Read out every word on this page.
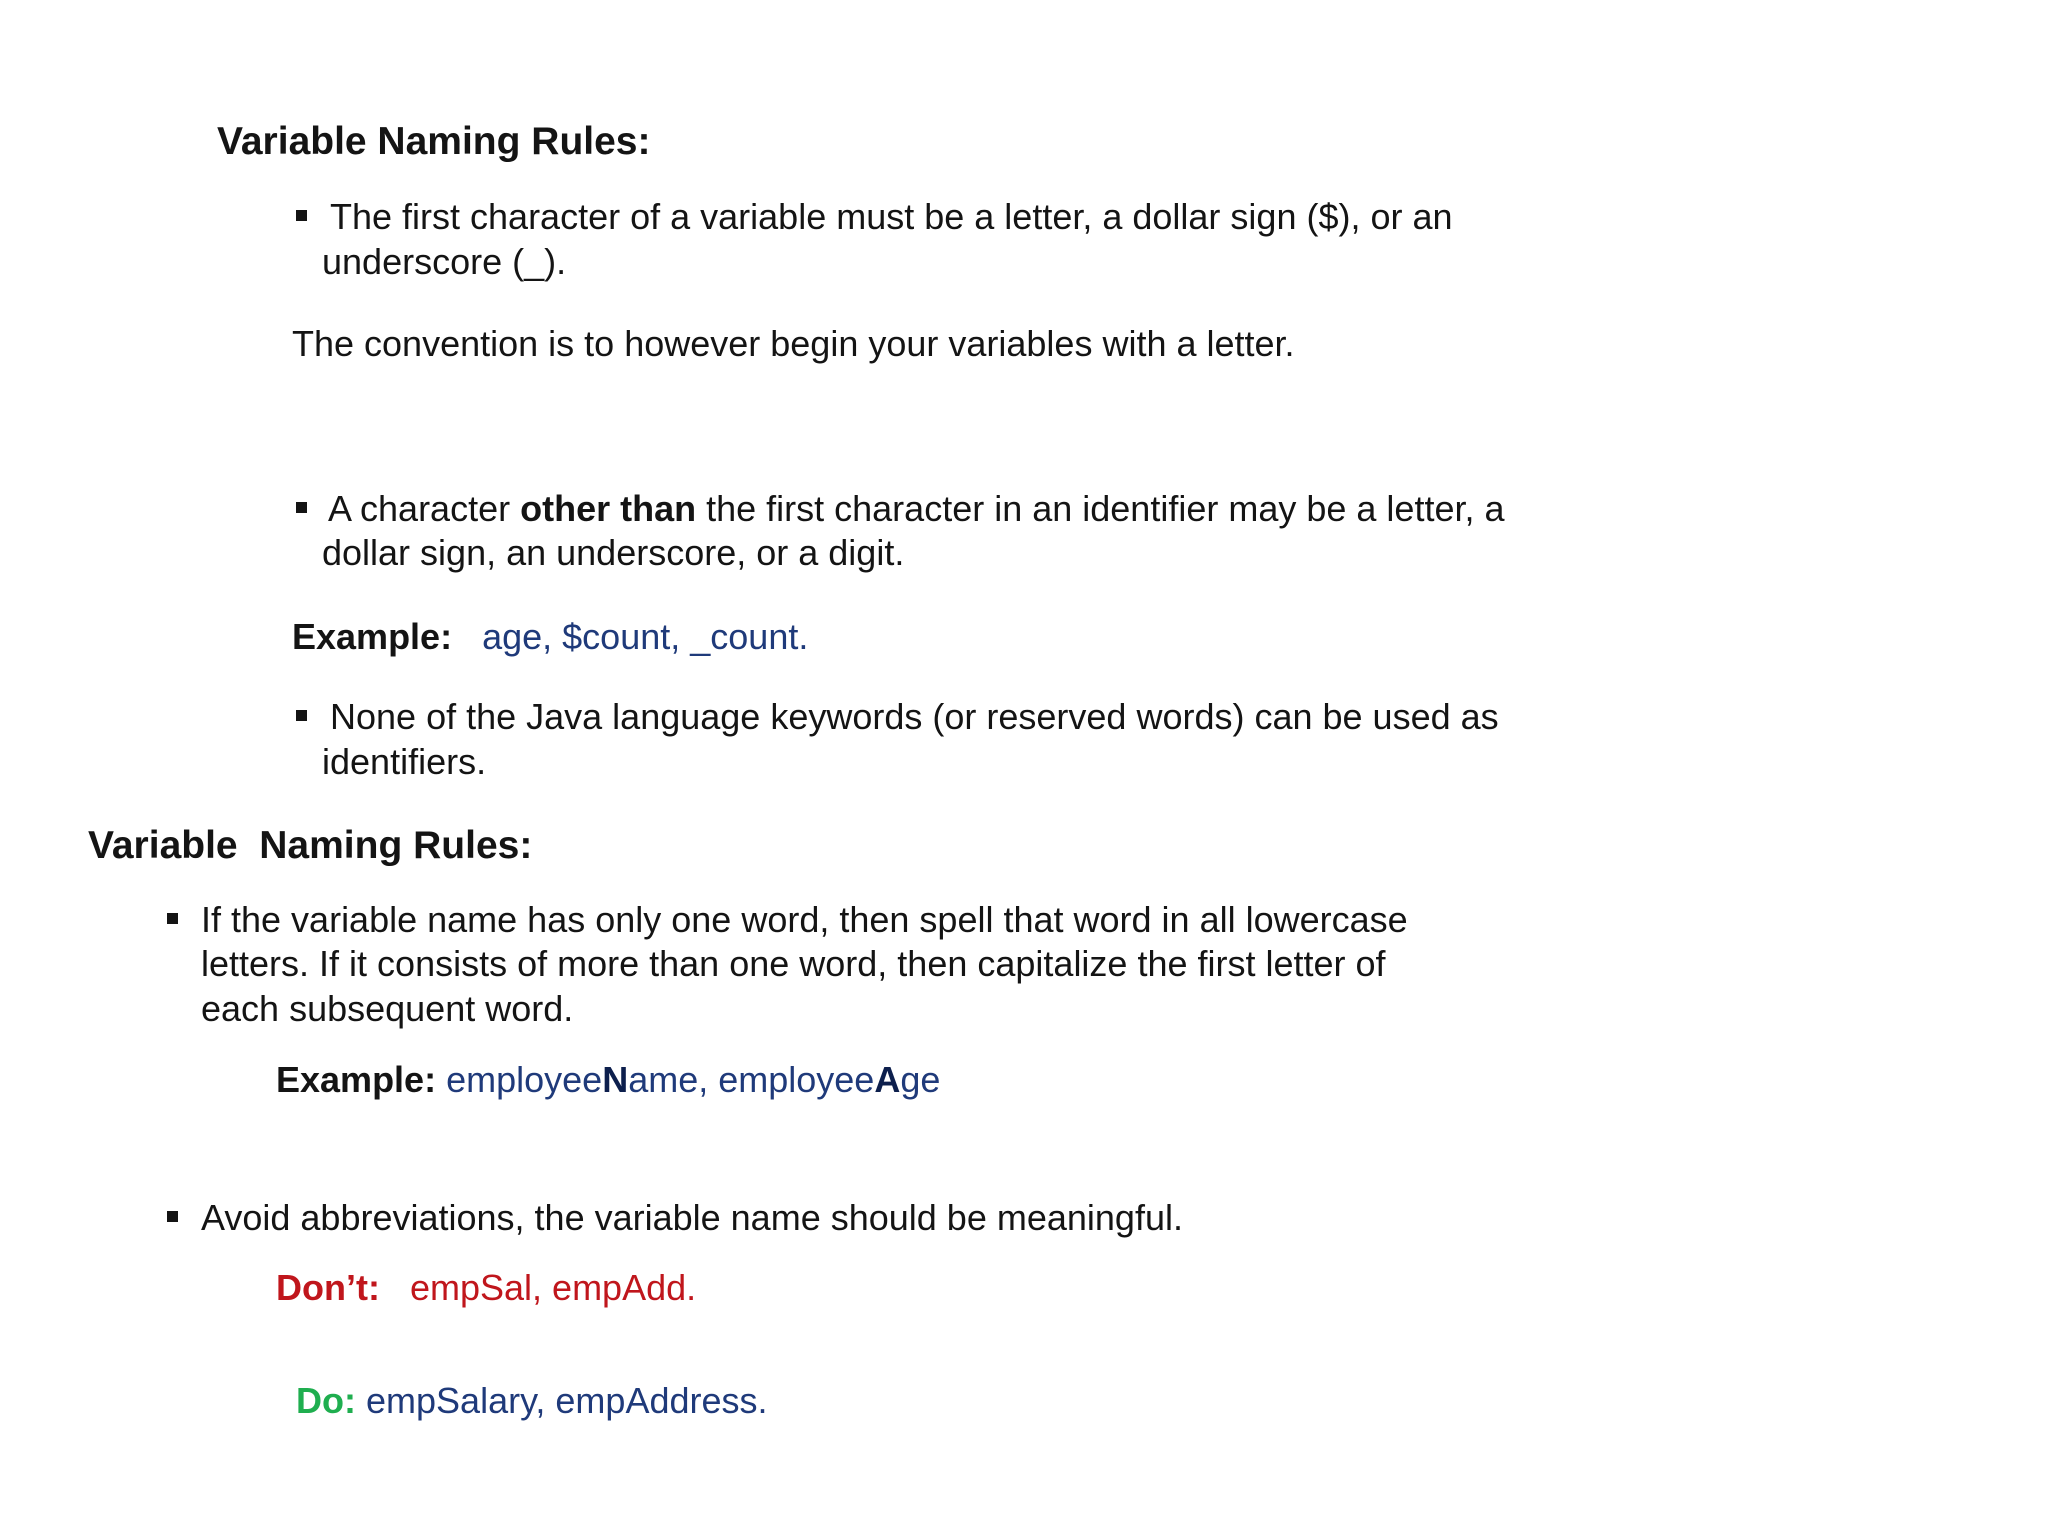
Variable Naming Rules:
The first character of a variable must be a letter, a dollar sign ($), or an
underscore (_).
The convention is to however begin your variables with a letter.
A character other than the first character in an identifier may be a letter, a
dollar sign, an underscore, or a digit.
Example: age, $count, _count.
None of the Java language keywords (or reserved words) can be used as
identifiers.
Variable  Naming Rules:
If the variable name has only one word, then spell that word in all lowercase
letters. If it consists of more than one word, then capitalize the first letter of
each subsequent word.
Example: employeeName, employeeAge
Avoid abbreviations, the variable name should be meaningful.
Don’t: empSal, empAdd.

Do: empSalary, empAddress.
